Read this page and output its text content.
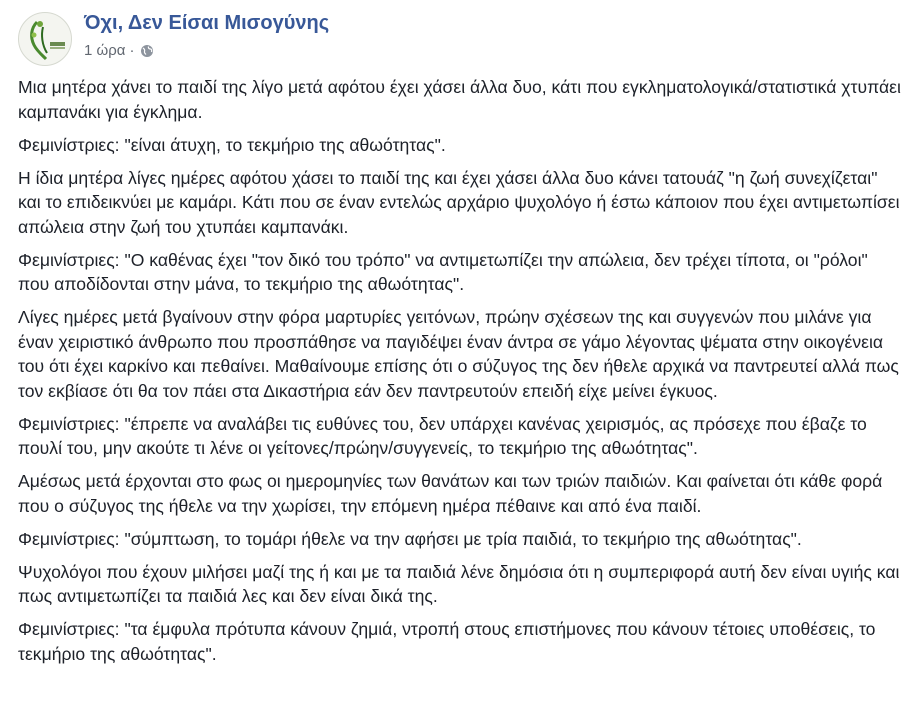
Όχι, Δεν Είσαι Μισογύνης
1 ώρα ·

Μια μητέρα χάνει το παιδί της λίγο μετά αφότου έχει χάσει άλλα δυο, κάτι που εγκληματολογικά/στατιστικά χτυπάει καμπανάκι για έγκλημα.

Φεμινίστριες: "είναι άτυχη, το τεκμήριο της αθωότητας".

Η ίδια μητέρα λίγες ημέρες αφότου χάσει το παιδί της και έχει χάσει άλλα δυο κάνει τατουάζ "η ζωή συνεχίζεται" και το επιδεικνύει με καμάρι. Κάτι που σε έναν εντελώς αρχάριο ψυχολόγο ή έστω κάποιον που έχει αντιμετωπίσει απώλεια στην ζωή του χτυπάει καμπανάκι.

Φεμινίστριες: "Ο καθένας έχει "τον δικό του τρόπο" να αντιμετωπίζει την απώλεια, δεν τρέχει τίποτα, οι "ρόλοι" που αποδίδονται στην μάνα, το τεκμήριο της αθωότητας".

Λίγες ημέρες μετά βγαίνουν στην φόρα μαρτυρίες γειτόνων, πρώην σχέσεων της και συγγενών που μιλάνε για έναν χειριστικό άνθρωπο που προσπάθησε να παγιδέψει έναν άντρα σε γάμο λέγοντας ψέματα στην οικογένεια του ότι έχει καρκίνο και πεθαίνει. Μαθαίνουμε επίσης ότι ο σύζυγος της δεν ήθελε αρχικά να παντρευτεί αλλά πως τον εκβίασε ότι θα τον πάει στα Δικαστήρια εάν δεν παντρευτούν επειδή είχε μείνει έγκυος.

Φεμινίστριες: "έπρεπε να αναλάβει τις ευθύνες του, δεν υπάρχει κανένας χειρισμός, ας πρόσεχε που έβαζε το πουλί του, μην ακούτε τι λένε οι γείτονες/πρώην/συγγενείς, το τεκμήριο της αθωότητας".

Αμέσως μετά έρχονται στο φως οι ημερομηνίες των θανάτων και των τριών παιδιών. Και φαίνεται ότι κάθε φορά που ο σύζυγος της ήθελε να την χωρίσει, την επόμενη ημέρα πέθαινε και από ένα παιδί.

Φεμινίστριες: "σύμπτωση, το τομάρι ήθελε να την αφήσει με τρία παιδιά, το τεκμήριο της αθωότητας".

Ψυχολόγοι που έχουν μιλήσει μαζί της ή και με τα παιδιά λένε δημόσια ότι η συμπεριφορά αυτή δεν είναι υγιής και πως αντιμετωπίζει τα παιδιά λες και δεν είναι δικά της.

Φεμινίστριες: "τα έμφυλα πρότυπα κάνουν ζημιά, ντροπή στους επιστήμονες που κάνουν τέτοιες υποθέσεις, το τεκμήριο της αθωότητας".
